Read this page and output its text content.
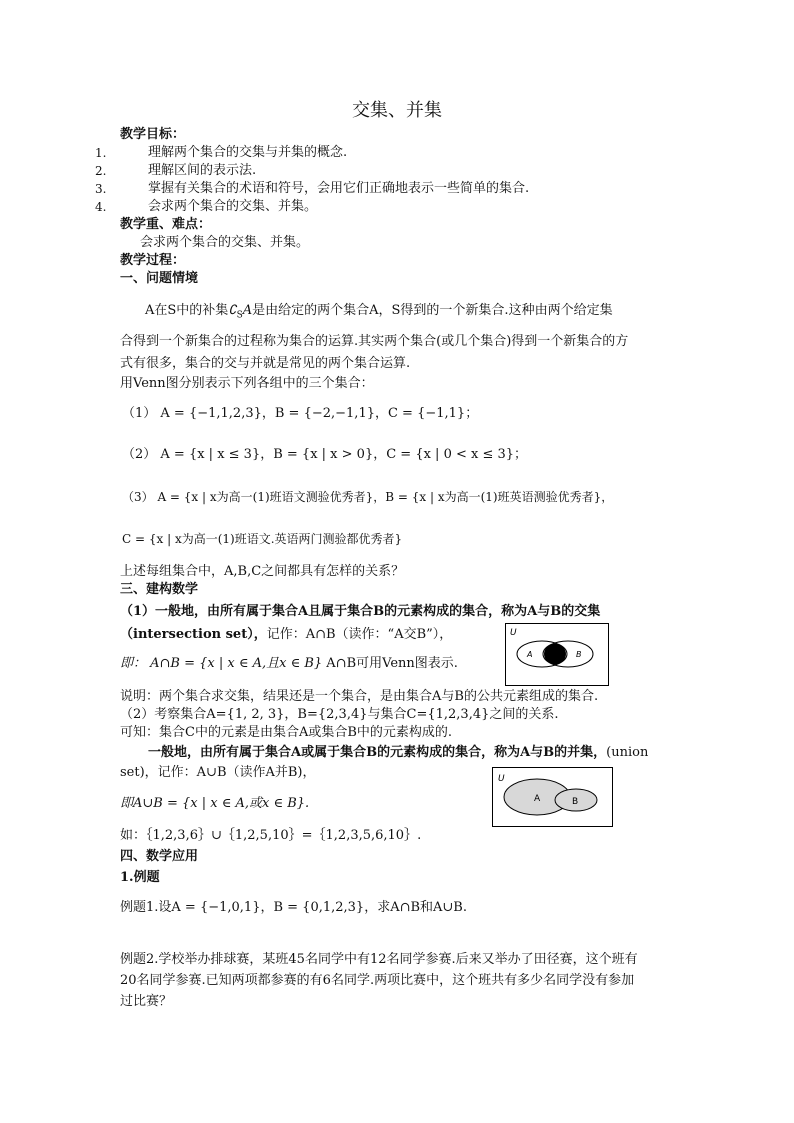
交集、并集
教学目标：
1.	理解两个集合的交集与并集的概念.
2.	理解区间的表示法.
3.	掌握有关集合的术语和符号，会用它们正确地表示一些简单的集合.
4.	会求两个集合的交集、并集。
教学重、难点：
会求两个集合的交集、并集。
教学过程：
一、问题情境
A在S中的补集$∁_SA$是由给定的两个集合A，S得到的一个新集合.这种由两个给定集
合得到一个新集合的过程称为集合的运算.其实两个集合(或几个集合)得到一个新集合的方
式有很多，集合的交与并就是常见的两个集合运算.
用Venn图分别表示下列各组中的三个集合：
（1） A = {−1,1,2,3}，B = {−2,−1,1}，C = {−1,1}；
（2） A = {x | x ≤ 3}，B = {x | x > 0}，C = {x | 0 < x ≤ 3}；
（3） A = {x | x为高一(1)班语文测验优秀者}，B = {x | x为高一(1)班英语测验优秀者}，
C = {x | x为高一(1)班语文.英语两门测验都优秀者}
上述每组集合中，A,B,C之间都具有怎样的关系？
三、建构数学
（1）一般地，由所有属于集合A且属于集合B的元素构成的集合，称为A与B的交集
（intersection set），记作：A∩B（读作：“A交B”），
即： A∩B = {x | x ∈ A,且x ∈ B} A∩B可用Venn图表示.
U
A	B
说明：两个集合求交集，结果还是一个集合，是由集合A与B的公共元素组成的集合.
（2）考察集合A={1, 2, 3}，B={2,3,4}与集合C={1,2,3,4}之间的关系.
可知：集合C中的元素是由集合A或集合B中的元素构成的.
一般地，由所有属于集合A或属于集合B的元素构成的集合，称为A与B的并集，(union
set)，记作：A∪B（读作A并B)，
即A∪B = {x | x ∈ A,或x ∈ B}.
U
A	B
如：｛1,2,3,6｝∪｛1,2,5,10｝=｛1,2,3,5,6,10｝.
四、数学应用
1.例题
例题1.设A = {−1,0,1}，B = {0,1,2,3}，求A∩B和A∪B.
例题2.学校举办排球赛，某班45名同学中有12名同学参赛.后来又举办了田径赛，这个班有
20名同学参赛.已知两项都参赛的有6名同学.两项比赛中，这个班共有多少名同学没有参加
过比赛？
